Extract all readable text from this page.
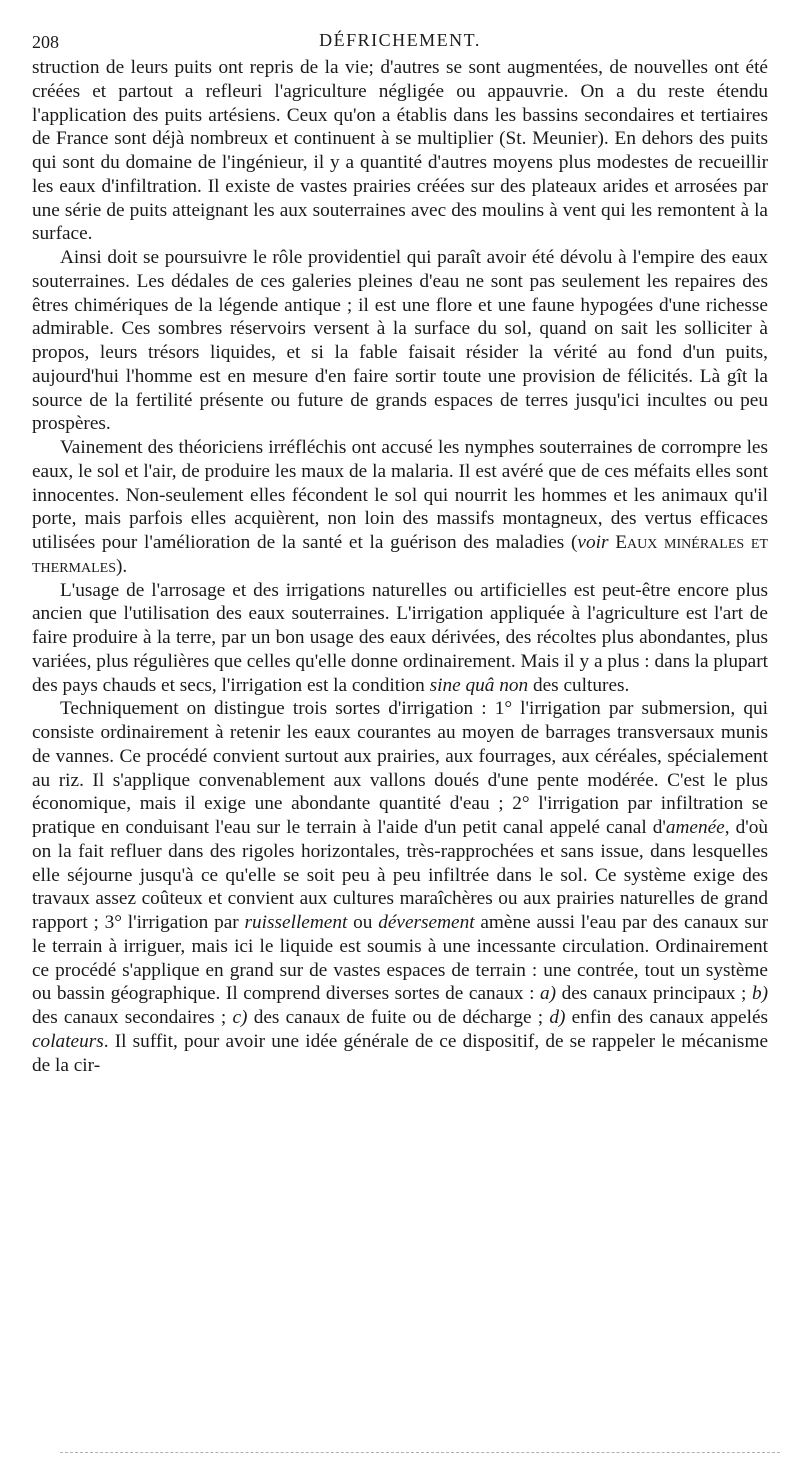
208	DÉFRICHEMENT.

struction de leurs puits ont repris de la vie; d'autres se sont augmentées, de nouvelles ont été créées et partout a refleuri l'agriculture négligée ou appauvrie. On a du reste étendu l'application des puits artésiens. Ceux qu'on a établis dans les bassins secondaires et tertiaires de France sont déjà nombreux et continuent à se multiplier (St. Meunier). En dehors des puits qui sont du domaine de l'ingénieur, il y a quantité d'autres moyens plus modestes de recueillir les eaux d'infiltration. Il existe de vastes prairies créées sur des plateaux arides et arrosées par une série de puits atteignant les aux souterraines avec des moulins à vent qui les remontent à la surface.

Ainsi doit se poursuivre le rôle providentiel qui paraît avoir été dévolu à l'empire des eaux souterraines. Les dédales de ces galeries pleines d'eau ne sont pas seulement les repaires des êtres chimériques de la légende antique ; il est une flore et une faune hypogées d'une richesse admirable. Ces sombres réservoirs versent à la surface du sol, quand on sait les solliciter à propos, leurs trésors liquides, et si la fable faisait résider la vérité au fond d'un puits, aujourd'hui l'homme est en mesure d'en faire sortir toute une provision de félicités. Là gît la source de la fertilité présente ou future de grands espaces de terres jusqu'ici incultes ou peu prospères.

Vainement des théoriciens irréfléchis ont accusé les nymphes souterraines de corrompre les eaux, le sol et l'air, de produire les maux de la malaria. Il est avéré que de ces méfaits elles sont innocentes. Non-seulement elles fécondent le sol qui nourrit les hommes et les animaux qu'il porte, mais parfois elles acquièrent, non loin des massifs montagneux, des vertus efficaces utilisées pour l'amélioration de la santé et la guérison des maladies (voir Eaux minérales et thermales).

L'usage de l'arrosage et des irrigations naturelles ou artificielles est peut-être encore plus ancien que l'utilisation des eaux souterraines. L'irrigation appliquée à l'agriculture est l'art de faire produire à la terre, par un bon usage des eaux dérivées, des récoltes plus abondantes, plus variées, plus régulières que celles qu'elle donne ordinairement. Mais il y a plus : dans la plupart des pays chauds et secs, l'irrigation est la condition sine quâ non des cultures.

Techniquement on distingue trois sortes d'irrigation : 1° l'irrigation par submersion, qui consiste ordinairement à retenir les eaux courantes au moyen de barrages transversaux munis de vannes. Ce procédé convient surtout aux prairies, aux fourrages, aux céréales, spécialement au riz. Il s'applique convenablement aux vallons doués d'une pente modérée. C'est le plus économique, mais il exige une abondante quantité d'eau ; 2° l'irrigation par infiltration se pratique en conduisant l'eau sur le terrain à l'aide d'un petit canal appelé canal d'amenée, d'où on la fait refluer dans des rigoles horizontales, très-rapprochées et sans issue, dans lesquelles elle séjourne jusqu'à ce qu'elle se soit peu à peu infiltrée dans le sol. Ce système exige des travaux assez coûteux et convient aux cultures maraîchères ou aux prairies naturelles de grand rapport ; 3° l'irrigation par ruissellement ou déversement amène aussi l'eau par des canaux sur le terrain à irriguer, mais ici le liquide est soumis à une incessante circulation. Ordinairement ce procédé s'applique en grand sur de vastes espaces de terrain : une contrée, tout un système ou bassin géographique. Il comprend diverses sortes de canaux : a) des canaux principaux ; b) des canaux secondaires ; c) des canaux de fuite ou de décharge ; d) enfin des canaux appelés colateurs. Il suffit, pour avoir une idée générale de ce dispositif, de se rappeler le mécanisme de la cir-
